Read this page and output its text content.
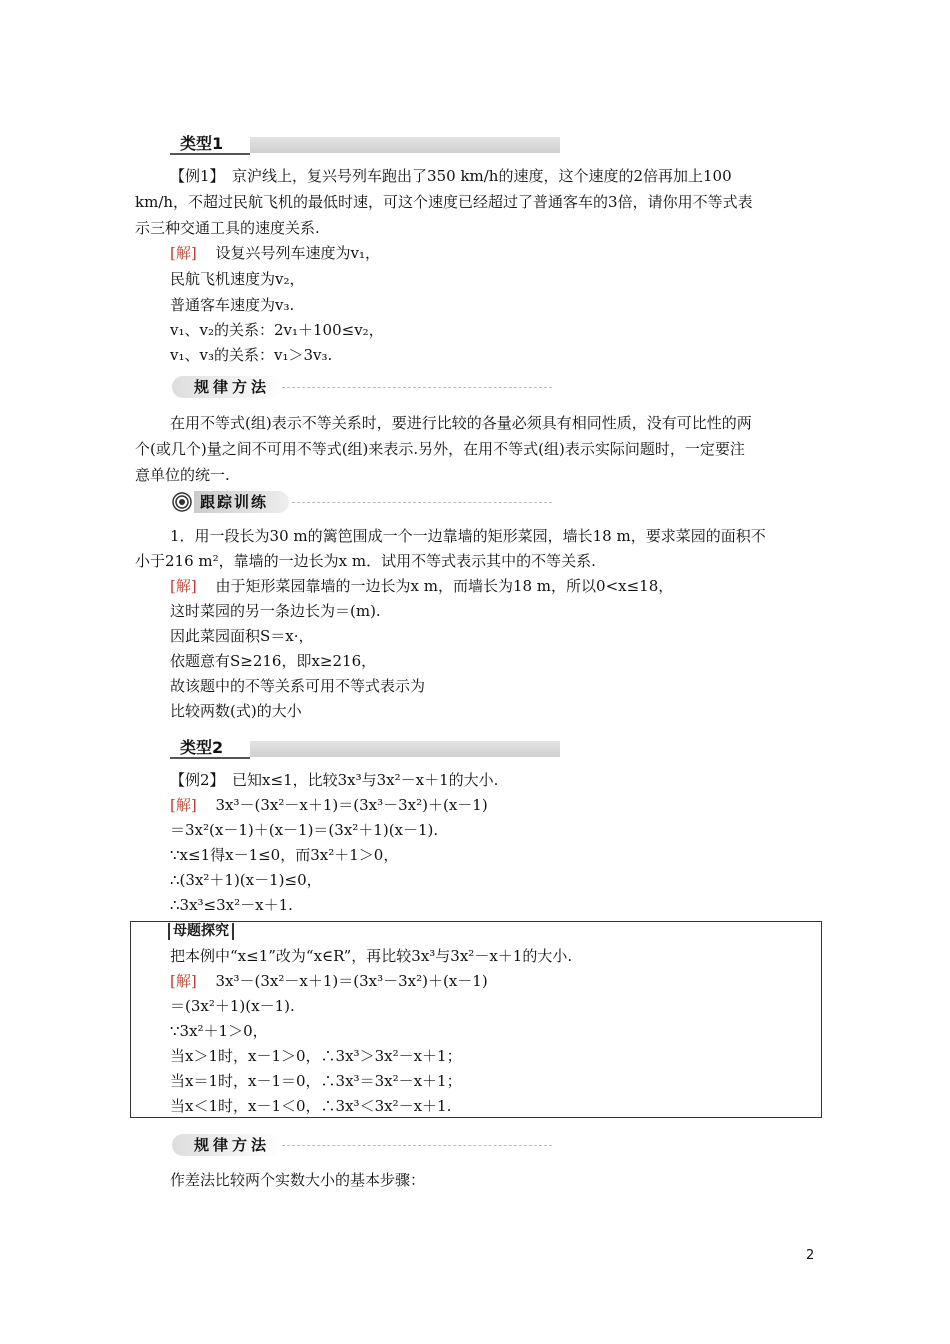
类型1
【例1】　京沪线上，复兴号列车跑出了350 km/h的速度，这个速度的2倍再加上100
km/h，不超过民航飞机的最低时速，可这个速度已经超过了普通客车的3倍，请你用不等式表
示三种交通工具的速度关系.
[解] 设复兴号列车速度为v₁，
民航飞机速度为v₂，
普通客车速度为v₃.
v₁、v₂的关系：2v₁＋100≤v₂，
v₁、v₃的关系：v₁＞3v₃.
规律方法
在用不等式(组)表示不等关系时，要进行比较的各量必须具有相同性质，没有可比性的两
个(或几个)量之间不可用不等式(组)来表示.另外，在用不等式(组)表示实际问题时，一定要注
意单位的统一.
跟踪训练
1．用一段长为30 m的篱笆围成一个一边靠墙的矩形菜园，墙长18 m，要求菜园的面积不
小于216 m²，靠墙的一边长为x m．试用不等式表示其中的不等关系.
[解] 由于矩形菜园靠墙的一边长为x m，而墙长为18 m，所以0<x≤18，
这时菜园的另一条边长为＝(m).
因此菜园面积S＝x·，
依题意有S≥216，即x≥216，
故该题中的不等关系可用不等式表示为
比较两数(式)的大小
类型2
【例2】　已知x≤1，比较3x³与3x²－x＋1的大小.
[解] 3x³－(3x²－x＋1)＝(3x³－3x²)＋(x－1)
＝3x²(x－1)＋(x－1)＝(3x²＋1)(x－1).
∵x≤1得x－1≤0，而3x²＋1＞0，
∴(3x²＋1)(x－1)≤0，
∴3x³≤3x²－x＋1.
母题探究
把本例中“x≤1”改为“x∈R”，再比较3x³与3x²－x＋1的大小.
[解] 3x³－(3x²－x＋1)＝(3x³－3x²)＋(x－1)
＝(3x²＋1)(x－1).
∵3x²＋1＞0，
当x＞1时，x－1＞0，∴3x³＞3x²－x＋1；
当x＝1时，x－1＝0，∴3x³＝3x²－x＋1；
当x＜1时，x－1＜0，∴3x³＜3x²－x＋1.
规律方法
作差法比较两个实数大小的基本步骤：
2
